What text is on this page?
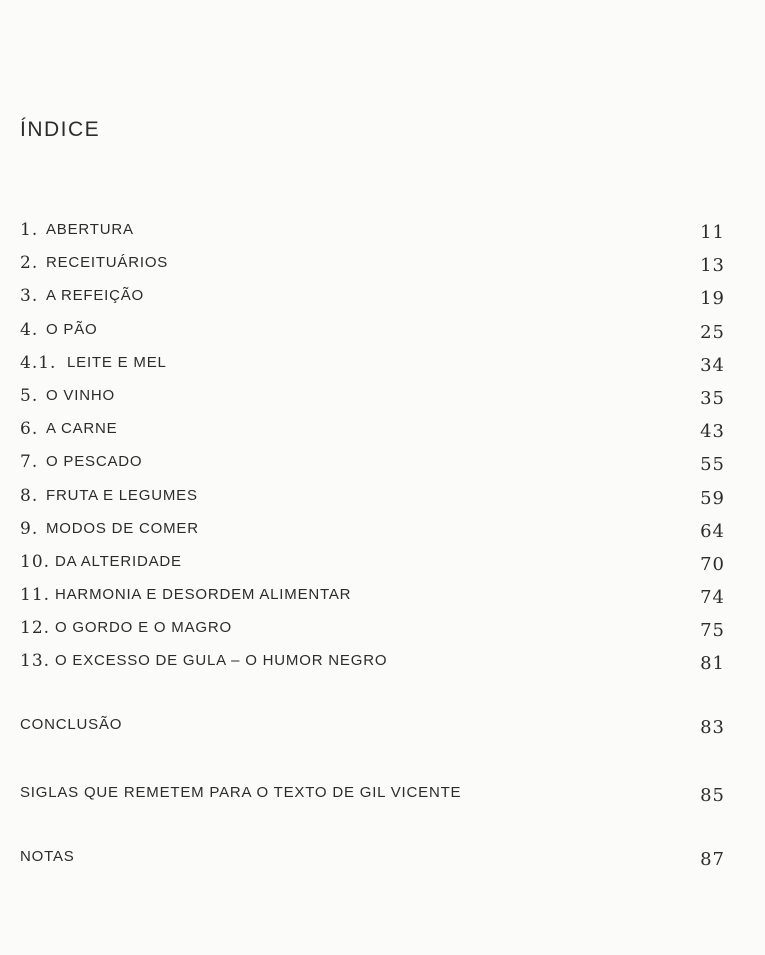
ÍNDICE
1. ABERTURA	11
2. RECEITUÁRIOS	13
3. A REFEIÇÃO	19
4. O PÃO	25
4.1. LEITE E MEL	34
5. O VINHO	35
6. A CARNE	43
7. O PESCADO	55
8. FRUTA E LEGUMES	59
9. MODOS DE COMER	64
10. DA ALTERIDADE	70
11. HARMONIA E DESORDEM ALIMENTAR	74
12. O GORDO E O MAGRO	75
13. O EXCESSO DE GULA – O HUMOR NEGRO	81
CONCLUSÃO	83
SIGLAS QUE REMETEM PARA O TEXTO DE GIL VICENTE	85
NOTAS	87
